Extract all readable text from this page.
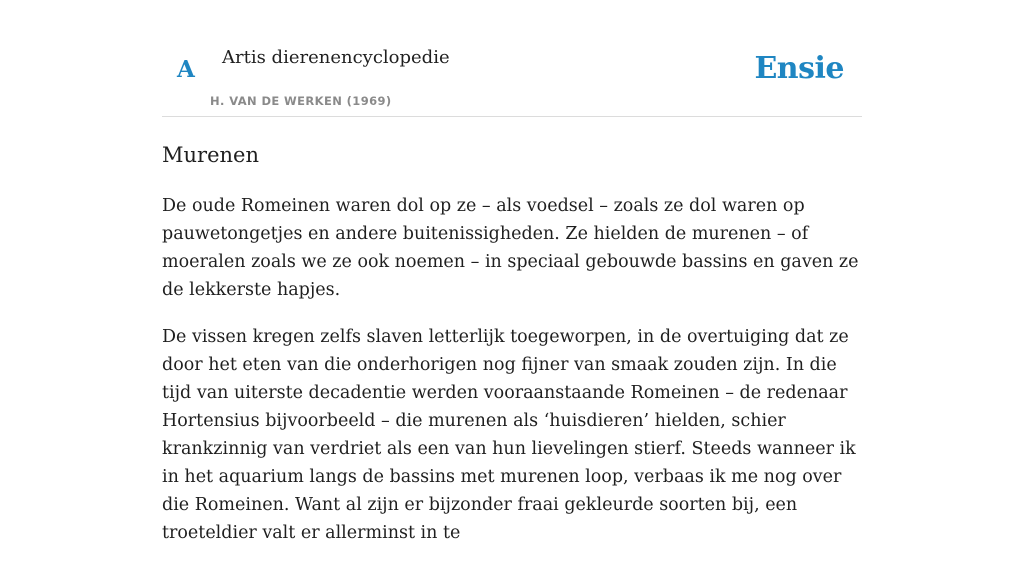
A Artis dierenencyclopedie
H. VAN DE WERKEN (1969)
Ensie
Murenen

De oude Romeinen waren dol op ze – als voedsel – zoals ze dol waren op pauwetongetjes en andere buitenissigheden. Ze hielden de murenen – of moeralen zoals we ze ook noemen – in speciaal gebouwde bassins en gaven ze de lekkerste hapjes.

De vissen kregen zelfs slaven letterlijk toegeworpen, in de overtuiging dat ze door het eten van die onderhorigen nog fijner van smaak zouden zijn. In die tijd van uiterste decadentie werden vooraanstaande Romeinen – de redenaar Hortensius bijvoorbeeld – die murenen als ‘huisdieren’ hielden, schier krankzinnig van verdriet als een van hun lievelingen stierf. Steeds wanneer ik in het aquarium langs de bassins met murenen loop, verbaas ik me nog over die Romeinen. Want al zijn er bijzonder fraai gekleurde soorten bij, een troeteldier valt er allerminst in te
